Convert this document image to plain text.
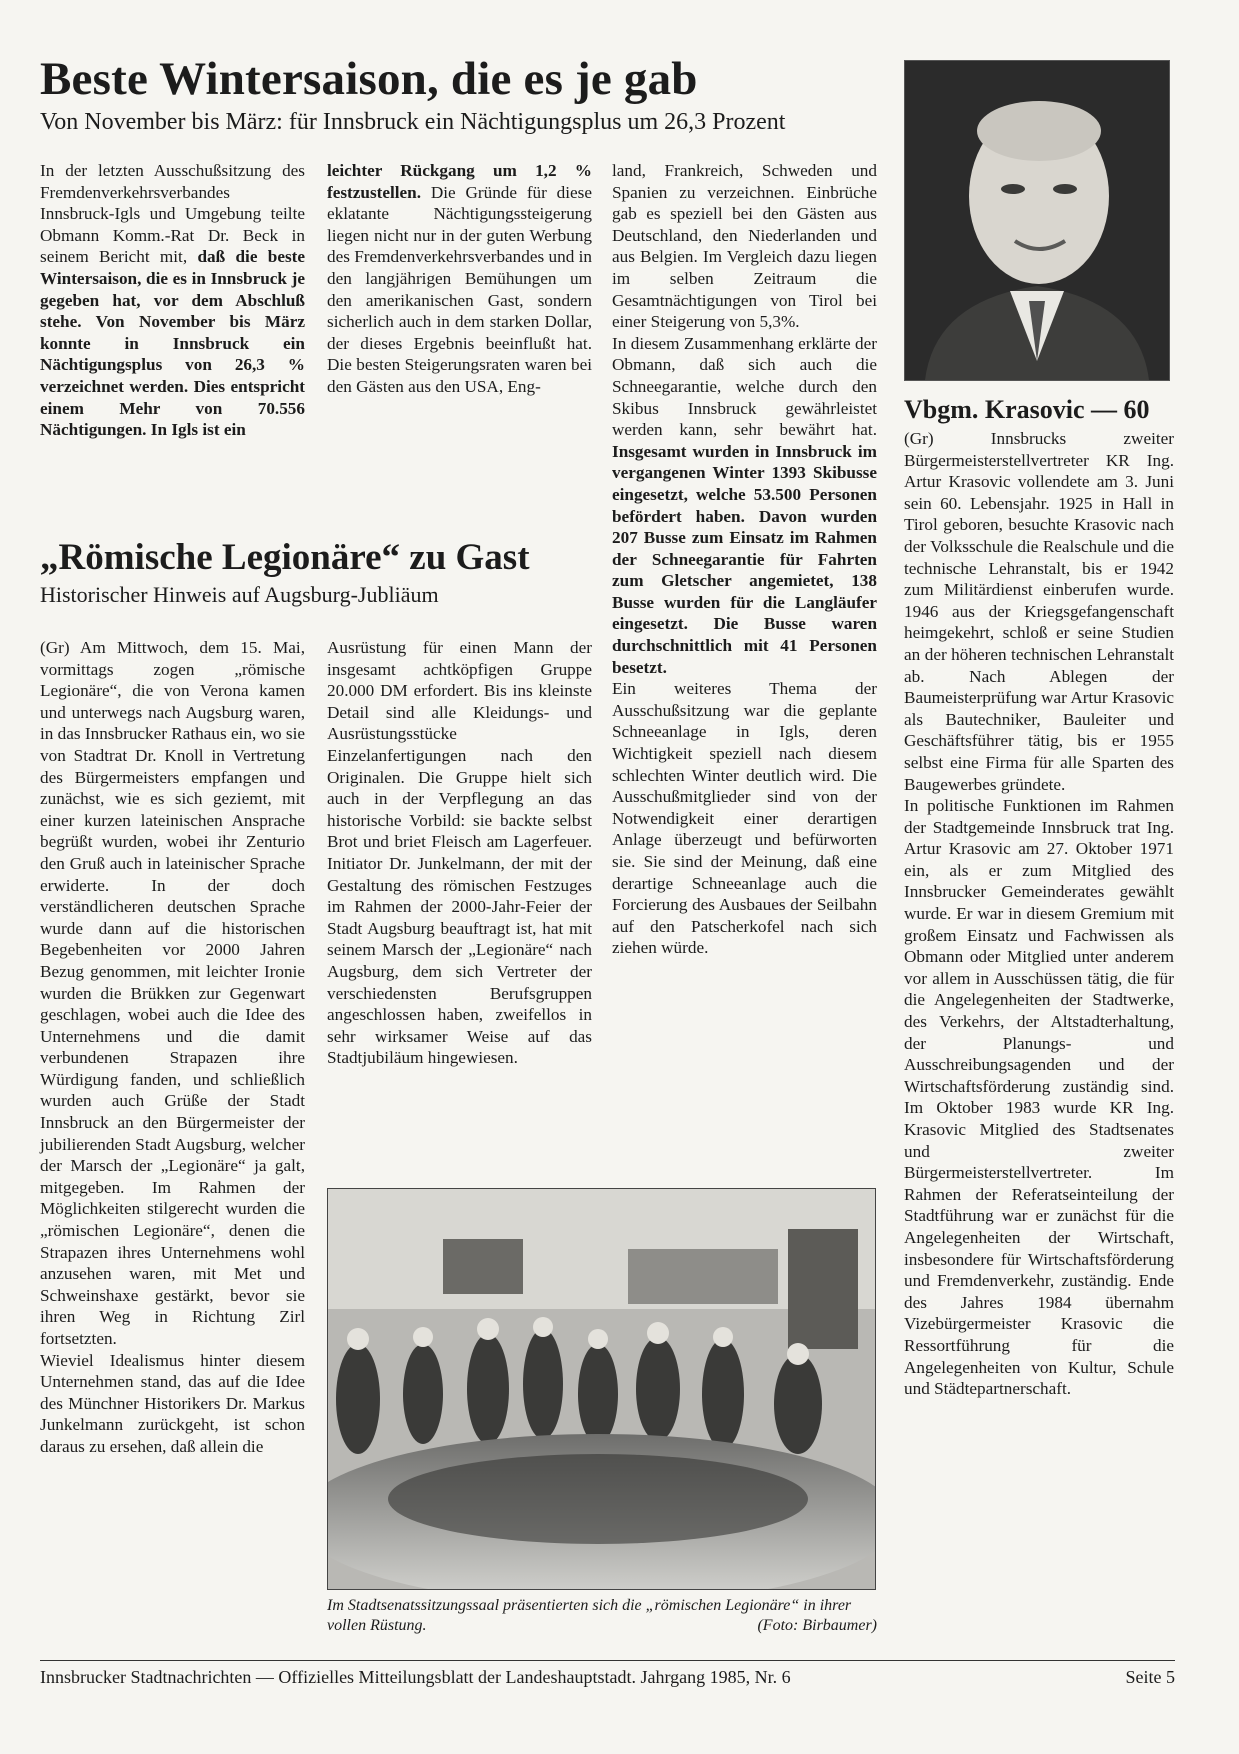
Beste Wintersaison, die es je gab
Von November bis März: für Innsbruck ein Nächtigungsplus um 26,3 Prozent

In der letzten Ausschußsitzung des Fremdenverkehrsverbandes Innsbruck-Igls und Umgebung teilte Obmann Komm.-Rat Dr. Beck in seinem Bericht mit, daß die beste Wintersaison, die es in Innsbruck je gegeben hat, vor dem Abschluß stehe. Von November bis März konnte in Innsbruck ein Nächtigungsplus von 26,3 % verzeichnet werden. Dies entspricht einem Mehr von 70.556 Nächtigungen. In Igls ist ein

leichter Rückgang um 1,2 % festzustellen. Die Gründe für diese eklatante Nächtigungssteigerung liegen nicht nur in der guten Werbung des Fremdenverkehrsverbandes und in den langjährigen Bemühungen um den amerikanischen Gast, sondern sicherlich auch in dem starken Dollar, der dieses Ergebnis beeinflußt hat. Die besten Steigerungsraten waren bei den Gästen aus den USA, Eng-

land, Frankreich, Schweden und Spanien zu verzeichnen. Einbrüche gab es speziell bei den Gästen aus Deutschland, den Niederlanden und aus Belgien. Im Vergleich dazu liegen im selben Zeitraum die Gesamtnächtigungen von Tirol bei einer Steigerung von 5,3%.

In diesem Zusammenhang erklärte der Obmann, daß sich auch die Schneegarantie, welche durch den Skibus Innsbruck gewährleistet werden kann, sehr bewährt hat. Insgesamt wurden in Innsbruck im vergangenen Winter 1393 Skibusse eingesetzt, welche 53.500 Personen befördert haben. Davon wurden 207 Busse zum Einsatz im Rahmen der Schneegarantie für Fahrten zum Gletscher angemietet, 138 Busse wurden für die Langläufer eingesetzt. Die Busse waren durchschnittlich mit 41 Personen besetzt.

Ein weiteres Thema der Ausschußsitzung war die geplante Schneeanlage in Igls, deren Wichtigkeit speziell nach diesem schlechten Winter deutlich wird. Die Ausschußmitglieder sind von der Notwendigkeit einer derartigen Anlage überzeugt und befürworten sie. Sie sind der Meinung, daß eine derartige Schneeanlage auch die Forcierung des Ausbaues der Seilbahn auf den Patscherkofel nach sich ziehen würde.

„Römische Legionäre“ zu Gast
Historischer Hinweis auf Augsburg-Jubliäum

(Gr) Am Mittwoch, dem 15. Mai, vormittags zogen „römische Legionäre“, die von Verona kamen und unterwegs nach Augsburg waren, in das Innsbrucker Rathaus ein, wo sie von Stadtrat Dr. Knoll in Vertretung des Bürgermeisters empfangen und zunächst, wie es sich geziemt, mit einer kurzen lateinischen Ansprache begrüßt wurden, wobei ihr Zenturio den Gruß auch in lateinischer Sprache erwiderte. In der doch verständlicheren deutschen Sprache wurde dann auf die historischen Begebenheiten vor 2000 Jahren Bezug genommen, mit leichter Ironie wurden die Brükken zur Gegenwart geschlagen, wobei auch die Idee des Unternehmens und die damit verbundenen Strapazen ihre Würdigung fanden, und schließlich wurden auch Grüße der Stadt Innsbruck an den Bürgermeister der jubilierenden Stadt Augsburg, welcher der Marsch der „Legionäre“ ja galt, mitgegeben. Im Rahmen der Möglichkeiten stilgerecht wurden die „römischen Legionäre“, denen die Strapazen ihres Unternehmens wohl anzusehen waren, mit Met und Schweinshaxe gestärkt, bevor sie ihren Weg in Richtung Zirl fortsetzten.

Wieviel Idealismus hinter diesem Unternehmen stand, das auf die Idee des Münchner Historikers Dr. Markus Junkelmann zurückgeht, ist schon daraus zu ersehen, daß allein die

Ausrüstung für einen Mann der insgesamt achtköpfigen Gruppe 20.000 DM erfordert. Bis ins kleinste Detail sind alle Kleidungs- und Ausrüstungsstücke Einzelanfertigungen nach den Originalen. Die Gruppe hielt sich auch in der Verpflegung an das historische Vorbild: sie backte selbst Brot und briet Fleisch am Lagerfeuer. Initiator Dr. Junkelmann, der mit der Gestaltung des römischen Festzuges im Rahmen der 2000-Jahr-Feier der Stadt Augsburg beauftragt ist, hat mit seinem Marsch der „Legionäre“ nach Augsburg, dem sich Vertreter der verschiedensten Berufsgruppen angeschlossen haben, zweifellos in sehr wirksamer Weise auf das Stadtjubiläum hingewiesen.

Im Stadtsenatssitzungssaal präsentierten sich die „römischen Legionäre“ in ihrer vollen Rüstung.	(Foto: Birbaumer)
Vbgm. Krasovic — 60

(Gr) Innsbrucks zweiter Bürgermeisterstellvertreter KR Ing. Artur Krasovic vollendete am 3. Juni sein 60. Lebensjahr. 1925 in Hall in Tirol geboren, besuchte Krasovic nach der Volksschule die Realschule und die technische Lehranstalt, bis er 1942 zum Militärdienst einberufen wurde. 1946 aus der Kriegsgefangenschaft heimgekehrt, schloß er seine Studien an der höheren technischen Lehranstalt ab. Nach Ablegen der Baumeisterprüfung war Artur Krasovic als Bautechniker, Bauleiter und Geschäftsführer tätig, bis er 1955 selbst eine Firma für alle Sparten des Baugewerbes gründete.

In politische Funktionen im Rahmen der Stadtgemeinde Innsbruck trat Ing. Artur Krasovic am 27. Oktober 1971 ein, als er zum Mitglied des Innsbrucker Gemeinderates gewählt wurde. Er war in diesem Gremium mit großem Einsatz und Fachwissen als Obmann oder Mitglied unter anderem vor allem in Ausschüssen tätig, die für die Angelegenheiten der Stadtwerke, des Verkehrs, der Altstadterhaltung, der Planungs- und Ausschreibungsagenden und der Wirtschaftsförderung zuständig sind. Im Oktober 1983 wurde KR Ing. Krasovic Mitglied des Stadtsenates und zweiter Bürgermeisterstellvertreter. Im Rahmen der Referatseinteilung der Stadtführung war er zunächst für die Angelegenheiten der Wirtschaft, insbesondere für Wirtschaftsförderung und Fremdenverkehr, zuständig. Ende des Jahres 1984 übernahm Vizebürgermeister Krasovic die Ressortführung für die Angelegenheiten von Kultur, Schule und Städtepartnerschaft.

Innsbrucker Stadtnachrichten — Offizielles Mitteilungsblatt der Landeshauptstadt. Jahrgang 1985, Nr. 6	Seite 5
